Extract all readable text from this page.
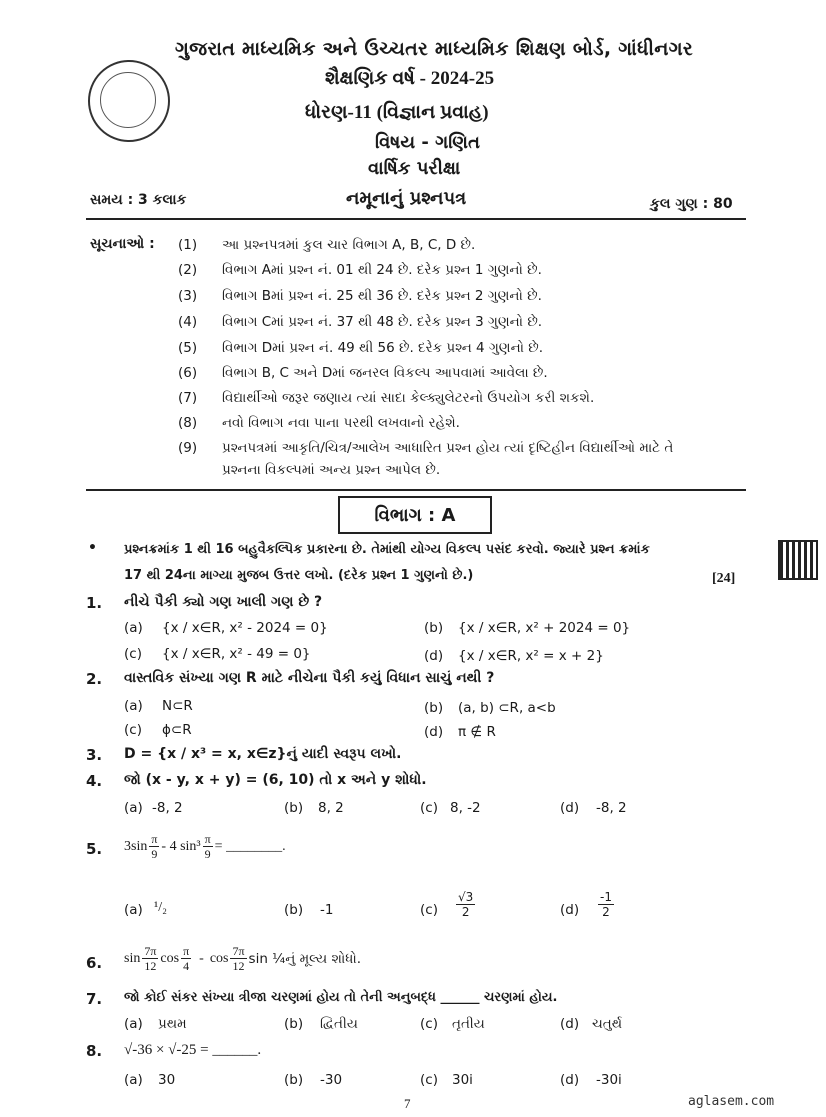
ગુજરાત માધ્યમિક અને ઉચ્ચતર માધ્યમિક શિક્ષણ બોર્ડ, ગાંધીનગર
શૈક્ષણિક વર્ષ - 2024-25
ધોરણ-11 (વિજ્ઞાન પ્રવાહ)
વિષય - ગણિત
વાર્ષિક પરીક્ષા
નમૂનાનું પ્રશ્નપત્ર
સમય : 3 કલાક	કુલ ગુણ : 80
સૂચનાઓ : (1) આ પ્રશ્નપત્રમાં કુલ ચાર વિભાગ A, B, C, D છે.
(2) વિભાગ Aમાં પ્રશ્ન નં. 01 થી 24 છે. દરેક પ્રશ્ન 1 ગુણનો છે.
(3) વિભાગ Bમાં પ્રશ્ન નં. 25 થી 36 છે. દરેક પ્રશ્ન 2 ગુણનો છે.
(4) વિભાગ Cમાં પ્રશ્ન નં. 37 થી 48 છે. દરેક પ્રશ્ન 3 ગુણનો છે.
(5) વિભાગ Dમાં પ્રશ્ન નં. 49 થી 56 છે. દરેક પ્રશ્ન 4 ગુણનો છે.
(6) વિભાગ B, C અને Dમાં જનરલ વિકલ્પ આપવામાં આવેલા છે.
(7) વિદ્યાર્થીઓ જરૂર જણાય ત્યાં સાદા કેલ્ક્યુલેટરનો ઉપયોગ કરી શકશે.
(8) નવો વિભાગ નવા પાના પરથી લખવાનો રહેશે.
(9) પ્રશ્નપત્રમાં આકૃતિ/ચિત્ર/આલેખ આધારિત પ્રશ્ન હોય ત્યાં દૃષ્ટિહીન વિદ્યાર્થીઓ માટે તે
પ્રશ્નના વિકલ્પમાં અન્ય પ્રશ્ન આપેલ છે.
વિભાગ : A
• પ્રશ્નક્રમાંક 1 થી 16 બહુવૈકલ્પિક પ્રકારના છે. તેમાંથી યોગ્ય વિકલ્પ પસંદ કરવો. જ્યારે પ્રશ્ન ક્રમાંક
17 થી 24ના માગ્યા મુજબ ઉત્તર લખો. (દરેક પ્રશ્ન 1 ગુણનો છે.)	[24]
1. નીચે પૈકી ક્યો ગણ ખાલી ગણ છે ?
(a) {x / x∈R, x² - 2024 = 0}	(b) {x / x∈R, x² + 2024 = 0}
(c) {x / x∈R, x² - 49 = 0}	(d) {x / x∈R, x² = x + 2}
2. વાસ્તવિક સંખ્યા ગણ R માટે નીચેના પૈકી કયું વિધાન સાચું નથી ?
(a) N⊂R	(b) (a, b) ⊂R, a<b
(c) ϕ⊂R	(d) π ∉ R
3. D = {x / x³ = x, x∈z}નું યાદી સ્વરૂપ લખો.
4. જો (x - y, x + y) = (6, 10) તો x અને y શોધો.
(a) -8, 2	(b) 8, 2	(c) 8, -2	(d) -8, 2
5. $3\sin \frac{\pi}{9} - 4$ $\sin^3 \frac{\pi}{9}$ = ________.
(a) ¹/₂	(b) -1	$(c) \frac{√3}{2}$	$(d) \frac{-1}{2}$
6. $\sin \frac{7\pi}{12}$ $\cos \frac{\pi}{4}$ - $\cos \frac{7\pi}{12}$ sin ¼નું મૂલ્ય શોધો.
7. જો કોઈ સંકર સંખ્યા ત્રીજા ચરણમાં હોય તો તેની અનુબદ્ધ ______ ચરણમાં હોય.
(a) પ્રથમ	(b) દ્વિતીય	(c) તૃતીય	(d) ચતુર્થ
8. √-36 × √-25 = ______.
(a) 30	(b) -30	(c) 30i	(d) -30i
7	aglasem.com
